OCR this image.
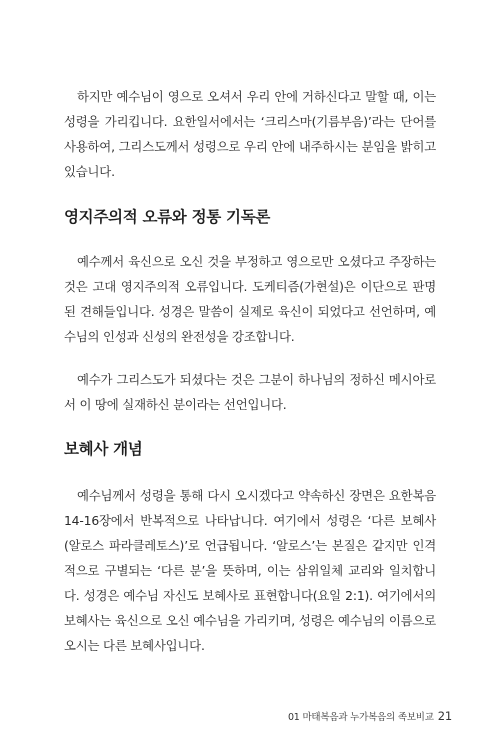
하지만 예수님이 영으로 오셔서 우리 안에 거하신다고 말할 때, 이는 성령을 가리킵니다. 요한일서에서는 ‘크리스마(기름부음)’라는 단어를 사용하여, 그리스도께서 성령으로 우리 안에 내주하시는 분임을 밝히고 있습니다.

영지주의적 오류와 정통 기독론

예수께서 육신으로 오신 것을 부정하고 영으로만 오셨다고 주장하는 것은 고대 영지주의적 오류입니다. 도케티즘(가현설)은 이단으로 판명된 견해들입니다. 성경은 말씀이 실제로 육신이 되었다고 선언하며, 예수님의 인성과 신성의 완전성을 강조합니다.

예수가 그리스도가 되셨다는 것은 그분이 하나님의 정하신 메시아로서 이 땅에 실재하신 분이라는 선언입니다.

보혜사 개념

예수님께서 성령을 통해 다시 오시겠다고 약속하신 장면은 요한복음 14-16장에서 반복적으로 나타납니다. 여기에서 성령은 ‘다른 보혜사(알로스 파라클레토스)’로 언급됩니다. ‘알로스’는 본질은 같지만 인격적으로 구별되는 ‘다른 분’을 뜻하며, 이는 삼위일체 교리와 일치합니다. 성경은 예수님 자신도 보혜사로 표현합니다(요일 2:1). 여기에서의 보혜사는 육신으로 오신 예수님을 가리키며, 성령은 예수님의 이름으로 오시는 다른 보혜사입니다.

01 마태복음과 누가복음의 족보비교 21
